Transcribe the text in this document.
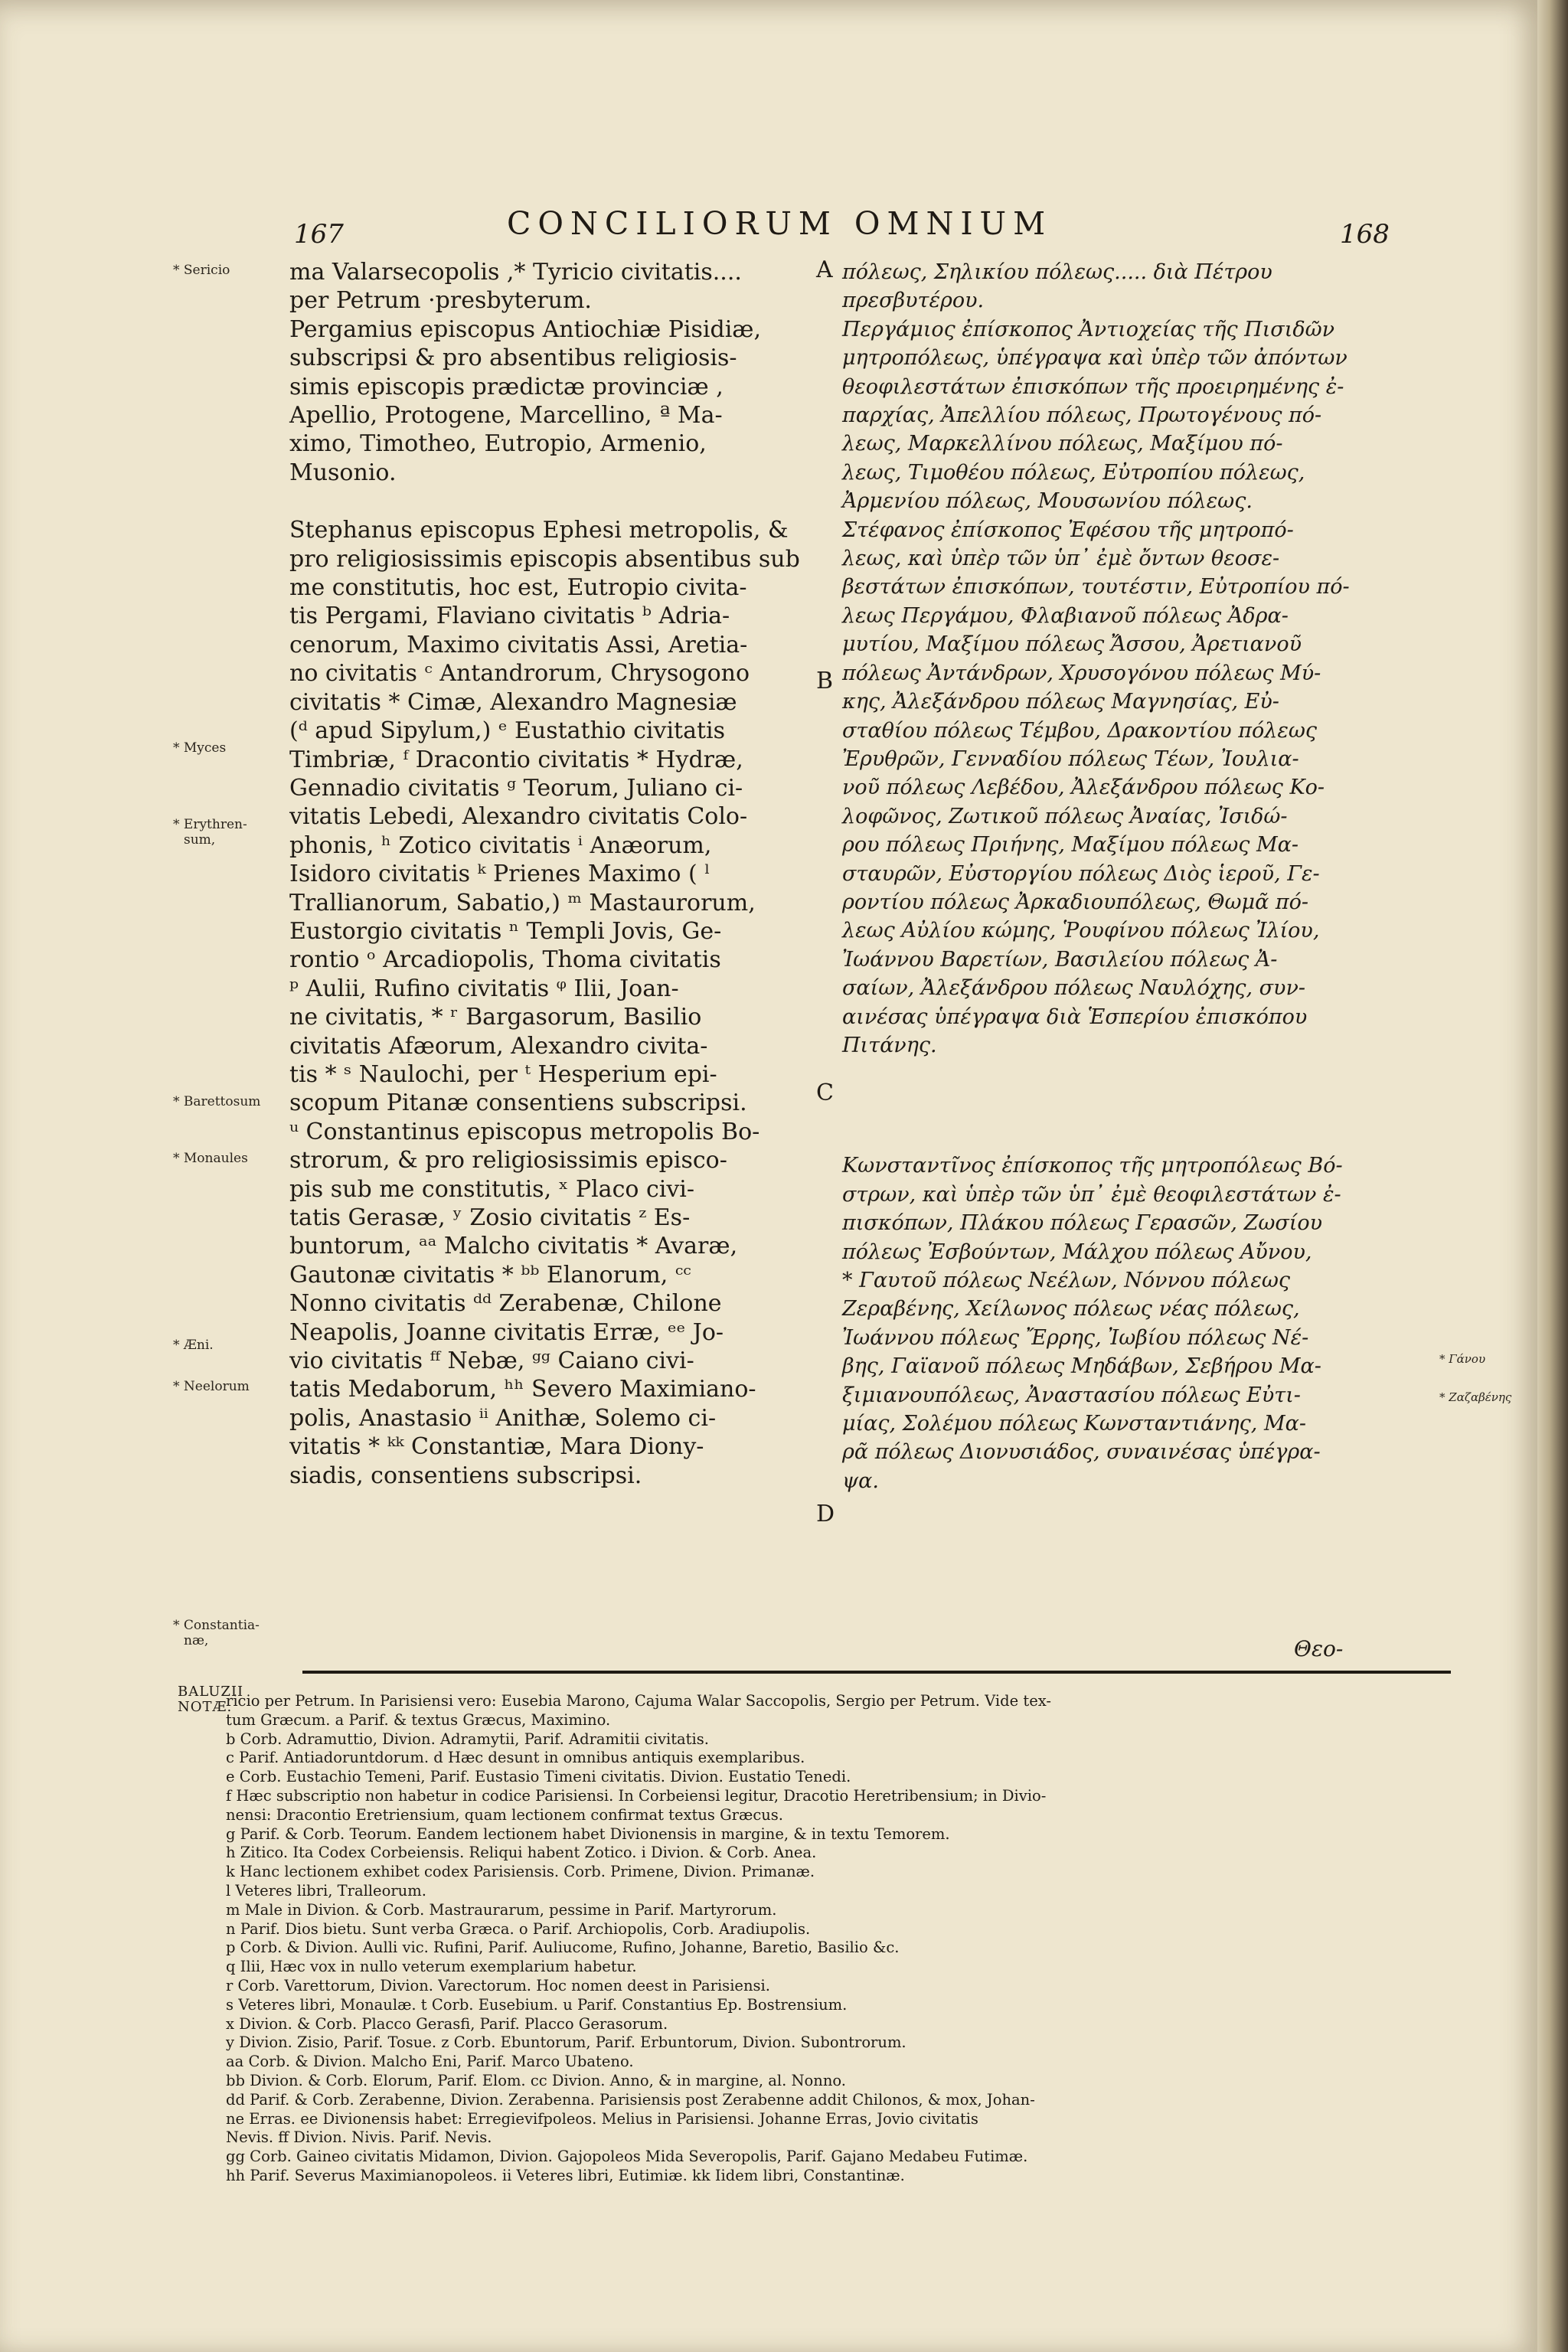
167	CONCILIORUM OMNIUM	168
* Sericio
* Myces
* Erythren-
sum,
* Barettosum
* Monaules
* Æni.
* Neelorum
* Constantia-
næ,
* Γάνου
* Ζαζαβένης
A
B
C
D

ma Valarsecopolis ,* Tyricio civitatis....

per Petrum ·presbyterum.

Pergamius episcopus Antiochiæ Pisidiæ,

subscripsi & pro absentibus religiosis-

simis episcopis prædictæ provinciæ ,

Apellio, Protogene, Marcellino, ª Ma-

ximo, Timotheo, Eutropio, Armenio,

Musonio.

Stephanus episcopus Ephesi metropolis, &

pro religiosissimis episcopis absentibus sub

me constitutis, hoc est, Eutropio civita-

tis Pergami, Flaviano civitatis ᵇ Adria-

cenorum, Maximo civitatis Assi, Aretia-

no civitatis ᶜ Antandrorum, Chrysogono

civitatis * Cimæ, Alexandro Magnesiæ

(ᵈ apud Sipylum,) ᵉ Eustathio civitatis

Timbriæ, ᶠ Dracontio civitatis * Hydræ,

Gennadio civitatis ᵍ Teorum, Juliano ci-

vitatis Lebedi, Alexandro civitatis Colo-

phonis, ʰ Zotico civitatis ⁱ Anæorum,

Isidoro civitatis ᵏ Prienes Maximo ( ˡ

Trallianorum, Sabatio,) ᵐ Mastaurorum,

Eustorgio civitatis ⁿ Templi Jovis, Ge-

rontio ᵒ Arcadiopolis, Thoma civitatis

ᵖ Aulii, Rufino civitatis ᵠ Ilii, Joan-

ne civitatis, * ʳ Bargasorum, Basilio

civitatis Afæorum, Alexandro civita-

tis * ˢ Naulochi, per ᵗ Hesperium epi-

scopum Pitanæ consentiens subscripsi.

ᵘ Constantinus episcopus metropolis Bo-

strorum, & pro religiosissimis episco-

pis sub me constitutis, ˣ Placo civi-

tatis Gerasæ, ʸ Zosio civitatis ᶻ Es-

buntorum, ᵃᵃ Malcho civitatis * Avaræ,

Gautonæ civitatis * ᵇᵇ Elanorum, ᶜᶜ

Nonno civitatis ᵈᵈ Zerabenæ, Chilone

Neapolis, Joanne civitatis Erræ, ᵉᵉ Jo-

vio civitatis ᶠᶠ Nebæ, ᵍᵍ Caiano civi-

tatis Medaborum, ʰʰ Severo Maximiano-

polis, Anastasio ⁱⁱ Anithæ, Solemo ci-

vitatis * ᵏᵏ Constantiæ, Mara Diony-

siadis, consentiens subscripsi.

πόλεως, Σηλικίου πόλεως..... διὰ Πέτρου

πρεσβυτέρου.

Περγάμιος ἐπίσκοπος Ἀντιοχείας τῆς Πισιδῶν

μητροπόλεως, ὑπέγραψα καὶ ὑπὲρ τῶν ἀπόντων

θεοφιλεστάτων ἐπισκόπων τῆς προειρημένης ἐ-

παρχίας, Ἀπελλίου πόλεως, Πρωτογένους πό-

λεως, Μαρκελλίνου πόλεως, Μαξίμου πό-

λεως, Τιμοθέου πόλεως, Εὐτροπίου πόλεως,

Ἀρμενίου πόλεως, Μουσωνίου πόλεως.

Στέφανος ἐπίσκοπος Ἐφέσου τῆς μητροπό-

λεως, καὶ ὑπὲρ τῶν ὑπ᾽ ἐμὲ ὄντων θεοσε-

βεστάτων ἐπισκόπων, τουτέστιν, Εὐτροπίου πό-

λεως Περγάμου, Φλαβιανοῦ πόλεως Ἀδρα-

μυτίου, Μαξίμου πόλεως Ἄσσου, Ἀρετιανοῦ

πόλεως Ἀντάνδρων, Χρυσογόνου πόλεως Μύ-

κης, Ἀλεξάνδρου πόλεως Μαγνησίας, Εὐ-

σταθίου πόλεως Τέμβου, Δρακοντίου πόλεως

Ἐρυθρῶν, Γενναδίου πόλεως Τέων, Ἰουλια-

νοῦ πόλεως Λεβέδου, Ἀλεξάνδρου πόλεως Κο-

λοφῶνος, Ζωτικοῦ πόλεως Ἀναίας, Ἰσιδώ-

ρου πόλεως Πριήνης, Μαξίμου πόλεως Μα-

σταυρῶν, Εὐστοργίου πόλεως Διὸς ἱεροῦ, Γε-

ροντίου πόλεως Ἀρκαδιουπόλεως, Θωμᾶ πό-

λεως Αὐλίου κώμης, Ῥουφίνου πόλεως Ἰλίου,

Ἰωάννου Βαρετίων, Βασιλείου πόλεως Ἀ-

σαίων, Ἀλεξάνδρου πόλεως Ναυλόχης, συν-

αινέσας ὑπέγραψα διὰ Ἑσπερίου ἐπισκόπου

Πιτάνης.

Κωνσταντῖνος ἐπίσκοπος τῆς μητροπόλεως Βό-

στρων, καὶ ὑπὲρ τῶν ὑπ᾽ ἐμὲ θεοφιλεστάτων ἐ-

πισκόπων, Πλάκου πόλεως Γερασῶν, Ζωσίου

πόλεως Ἐσβούντων, Μάλχου πόλεως Αὔνου,

* Γαυτοῦ πόλεως Νεέλων, Νόννου πόλεως

Ζεραβένης, Χείλωνος πόλεως νέας πόλεως,

Ἰωάννου πόλεως Ἔρρης, Ἰωβίου πόλεως Νέ-

βης, Γαϊανοῦ πόλεως Μηδάβων, Σεβήρου Μα-

ξιμιανουπόλεως, Ἀναστασίου πόλεως Εὐτι-

μίας, Σολέμου πόλεως Κωνσταντιάνης, Μα-

ρᾶ πόλεως Διονυσιάδος, συναινέσας ὑπέγρα-

ψα.

Θεο-
BALUZII
NOTÆ.
ricio per Petrum. In Parisiensi vero: Eusebia Marono, Cajuma Walar Saccopolis, Sergio per Petrum. Vide tex-
tum Græcum. a Parif. & textus Græcus, Maximino.
b Corb. Adramuttio, Divion. Adramytii, Parif. Adramitii civitatis.
c Parif. Antiadoruntdorum. d Hæc desunt in omnibus antiquis exemplaribus.
e Corb. Eustachio Temeni, Parif. Eustasio Timeni civitatis. Divion. Eustatio Tenedi.
f Hæc subscriptio non habetur in codice Parisiensi. In Corbeiensi legitur, Dracotio Heretribensium; in Divio-
nensi: Dracontio Eretriensium, quam lectionem confirmat textus Græcus.
g Parif. & Corb. Teorum. Eandem lectionem habet Divionensis in margine, & in textu Temorem.
h Zitico. Ita Codex Corbeiensis. Reliqui habent Zotico. i Divion. & Corb. Anea.
k Hanc lectionem exhibet codex Parisiensis. Corb. Primene, Divion. Primanæ.
l Veteres libri, Tralleorum.
m Male in Divion. & Corb. Mastraurarum, pessime in Parif. Martyrorum.
n Parif. Dios bietu. Sunt verba Græca. o Parif. Archiopolis, Corb. Aradiupolis.
p Corb. & Divion. Aulli vic. Rufini, Parif. Auliucome, Rufino, Johanne, Baretio, Basilio &c.
q Ilii, Hæc vox in nullo veterum exemplarium habetur.
r Corb. Varettorum, Divion. Varectorum. Hoc nomen deest in Parisiensi.
s Veteres libri, Monaulæ. t Corb. Eusebium. u Parif. Constantius Ep. Bostrensium.
x Divion. & Corb. Placco Gerasfi, Parif. Placco Gerasorum.
y Divion. Zisio, Parif. Tosue. z Corb. Ebuntorum, Parif. Erbuntorum, Divion. Subontrorum.
aa Corb. & Divion. Malcho Eni, Parif. Marco Ubateno.
bb Divion. & Corb. Elorum, Parif. Elom. cc Divion. Anno, & in margine, al. Nonno.
dd Parif. & Corb. Zerabenne, Divion. Zerabenna. Parisiensis post Zerabenne addit Chilonos, & mox, Johan-
ne Erras. ee Divionensis habet: Erregievifpoleos. Melius in Parisiensi. Johanne Erras, Jovio civitatis
Nevis. ff Divion. Nivis. Parif. Nevis.
gg Corb. Gaineo civitatis Midamon, Divion. Gajopoleos Mida Severopolis, Parif. Gajano Medabeu Futimæ.
hh Parif. Severus Maximianopoleos. ii Veteres libri, Eutimiæ. kk Iidem libri, Constantinæ.
